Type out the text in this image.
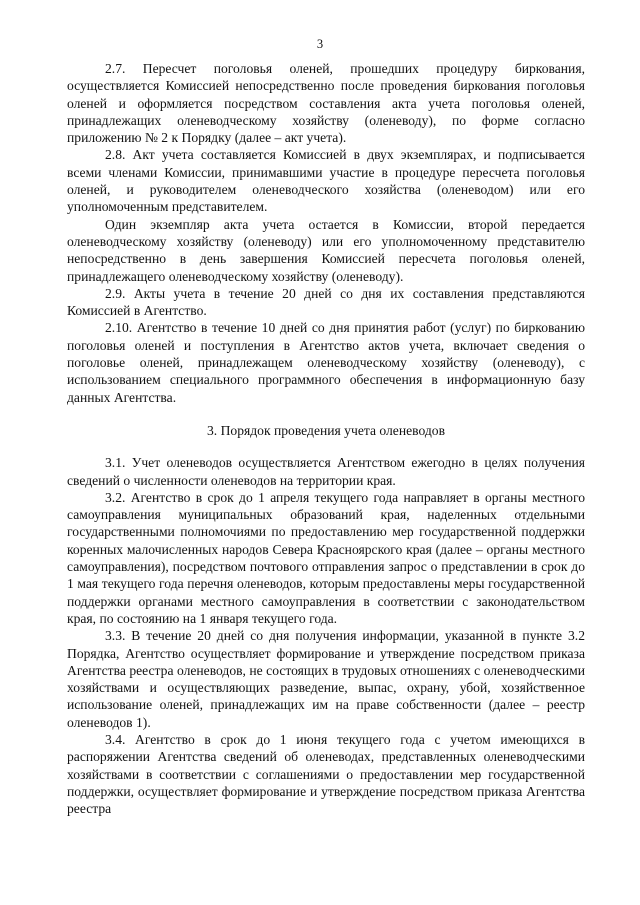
3

2.7. Пересчет поголовья оленей, прошедших процедуру биркования, осуществляется Комиссией непосредственно после проведения биркования поголовья оленей и оформляется посредством составления акта учета поголовья оленей, принадлежащих оленеводческому хозяйству (оленеводу), по форме согласно приложению № 2 к Порядку (далее – акт учета).

2.8. Акт учета составляется Комиссией в двух экземплярах, и подписывается всеми членами Комиссии, принимавшими участие в процедуре пересчета поголовья оленей, и руководителем оленеводческого хозяйства (оленеводом) или его уполномоченным представителем.

Один экземпляр акта учета остается в Комиссии, второй передается оленеводческому хозяйству (оленеводу) или его уполномоченному представителю непосредственно в день завершения Комиссией пересчета поголовья оленей, принадлежащего оленеводческому хозяйству (оленеводу).

2.9. Акты учета в течение 20 дней со дня их составления представляются Комиссией в Агентство.

2.10. Агентство в течение 10 дней со дня принятия работ (услуг) по биркованию поголовья оленей и поступления в Агентство актов учета, включает сведения о поголовье оленей, принадлежащем оленеводческому хозяйству (оленеводу), с использованием специального программного обеспечения в информационную базу данных Агентства.

3. Порядок проведения учета оленеводов

3.1. Учет оленеводов осуществляется Агентством ежегодно в целях получения сведений о численности оленеводов на территории края.

3.2. Агентство в срок до 1 апреля текущего года направляет в органы местного самоуправления муниципальных образований края, наделенных отдельными государственными полномочиями по предоставлению мер государственной поддержки коренных малочисленных народов Севера Красноярского края (далее – органы местного самоуправления), посредством почтового отправления запрос о представлении в срок до 1 мая текущего года перечня оленеводов, которым предоставлены меры государственной поддержки органами местного самоуправления в соответствии с законодательством края, по состоянию на 1 января текущего года.

3.3. В течение 20 дней со дня получения информации, указанной в пункте 3.2 Порядка, Агентство осуществляет формирование и утверждение посредством приказа Агентства реестра оленеводов, не состоящих в трудовых отношениях с оленеводческими хозяйствами и осуществляющих разведение, выпас, охрану, убой, хозяйственное использование оленей, принадлежащих им на праве собственности (далее – реестр оленеводов 1).

3.4. Агентство в срок до 1 июня текущего года с учетом имеющихся в распоряжении Агентства сведений об оленеводах, представленных оленеводческими хозяйствами в соответствии с соглашениями о предоставлении мер государственной поддержки, осуществляет формирование и утверждение посредством приказа Агентства реестра
